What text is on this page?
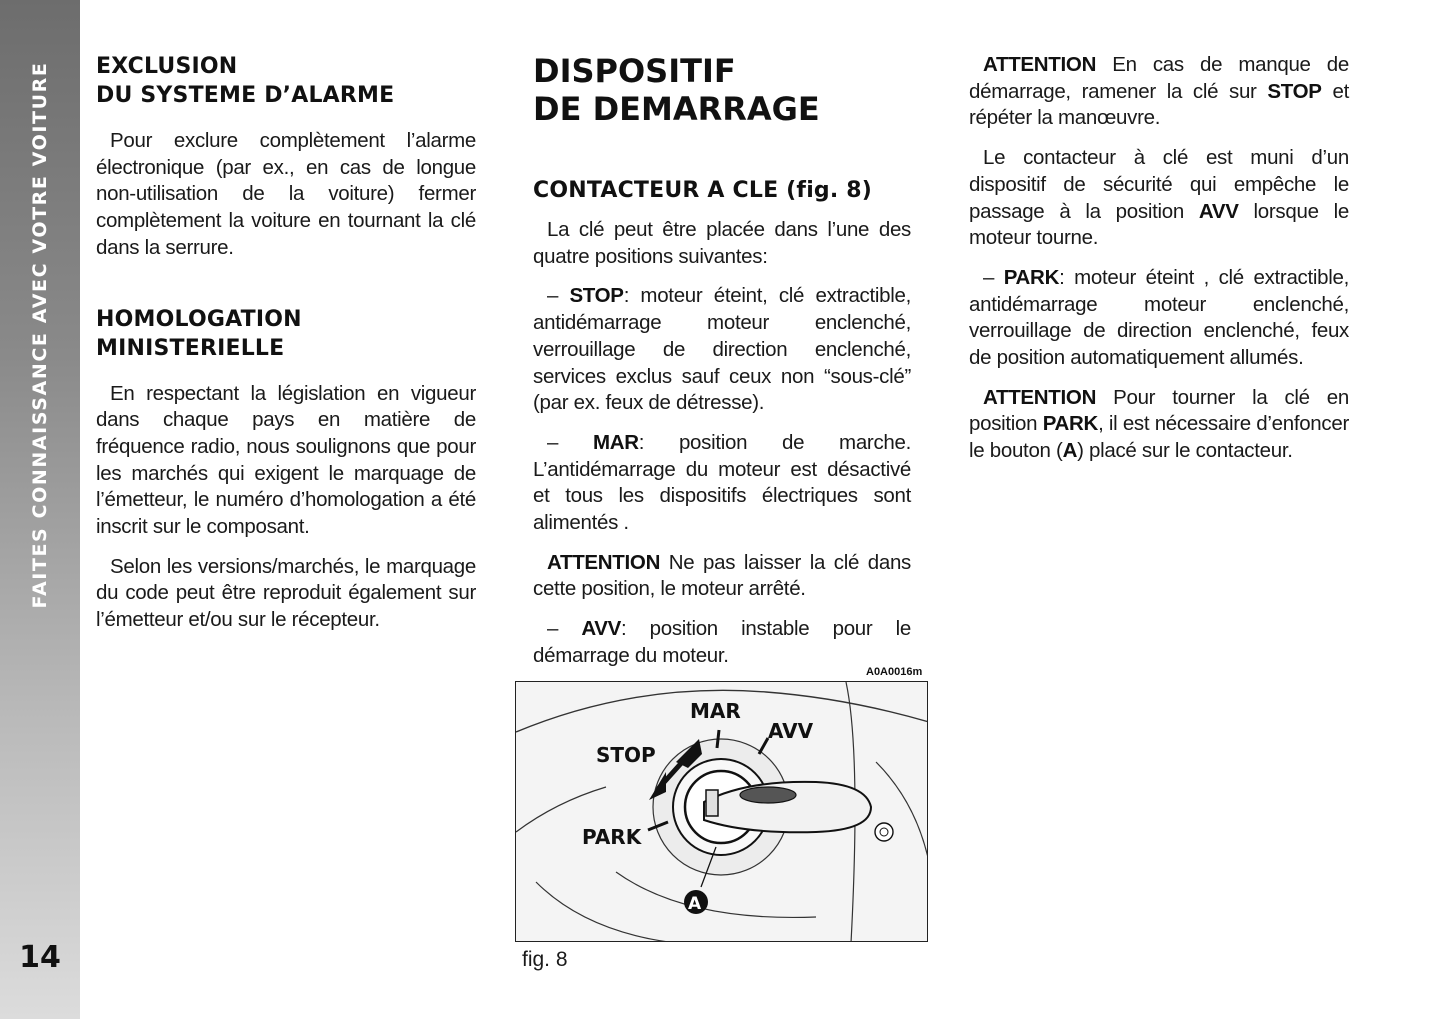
FAITES CONNAISSANCE AVEC VOTRE VOITURE
14
EXCLUSION
DU SYSTEME D’ALARME

Pour exclure complètement l’alarme électronique (par ex., en cas de longue non-utilisation de la voiture) fermer complètement la voiture en tournant la clé dans la serrure.

HOMOLOGATION
MINISTERIELLE

En respectant la législation en vigueur dans chaque pays en matière de fréquence radio, nous soulignons que pour les marchés qui exigent le marquage de l’émetteur, le numéro d’homologation a été inscrit sur le composant.

Selon les versions/marchés, le marquage du code peut être reproduit également sur l’émetteur et/ou sur le récepteur.

DISPOSITIF
DE DEMARRAGE
CONTACTEUR A CLE (fig. 8)

La clé peut être placée dans l’une des quatre positions suivantes:

– STOP: moteur éteint, clé extractible, antidémarrage moteur enclenché, verrouillage de direction enclenché, services exclus sauf ceux non “sous-clé” (par ex. feux de détresse).

– MAR: position de marche. L’antidémarrage du moteur est désactivé et tous les dispositifs électriques sont alimentés .

ATTENTION Ne pas laisser la clé dans cette position, le moteur arrêté.

– AVV: position instable pour le démarrage du moteur.

ATTENTION En cas de manque de démarrage, ramener la clé sur STOP et répéter la manœuvre.

Le contacteur à clé est muni d’un dispositif de sécurité qui empêche le passage à la position AVV lorsque le moteur tourne.

– PARK: moteur éteint , clé extractible, antidémarrage moteur enclenché, verrouillage de direction enclenché, feux de position automatiquement allumés.

ATTENTION Pour tourner la clé en position PARK, il est nécessaire d’enfoncer le bouton (A) placé sur le contacteur.

A0A0016m
MAR
AVV
STOP
PARK
A
fig. 8
